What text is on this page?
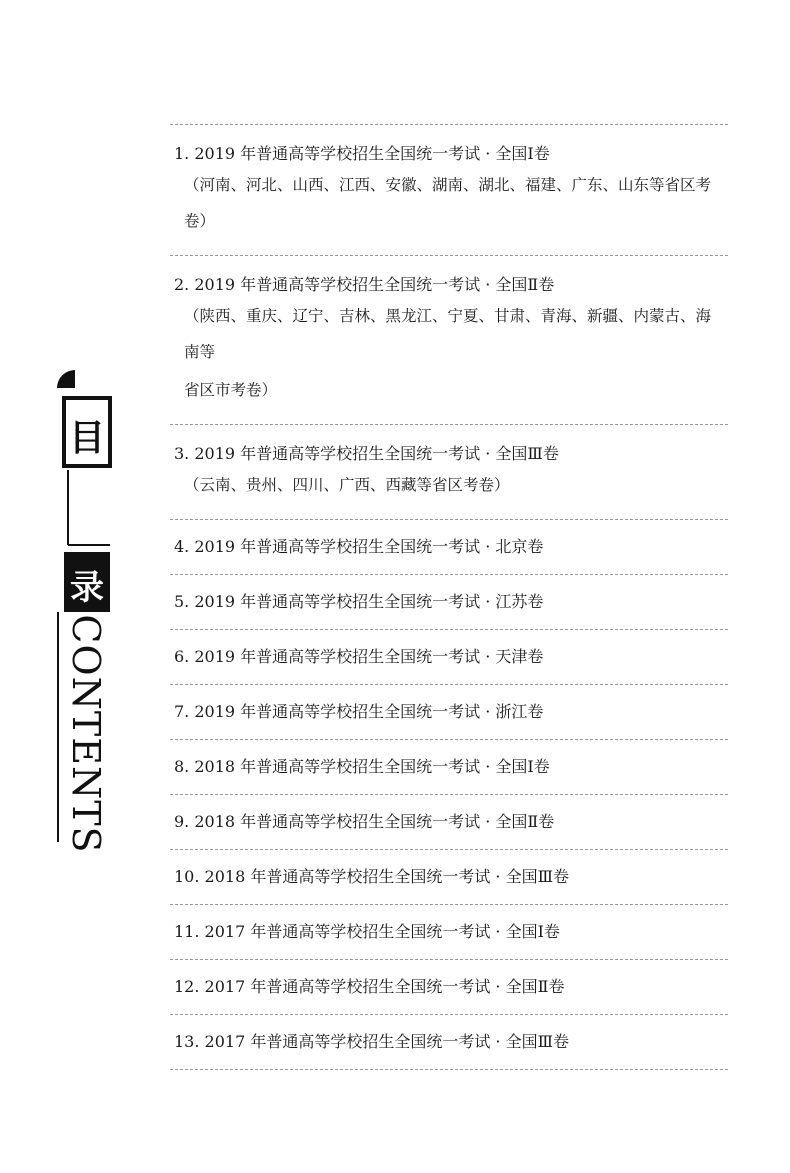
目
录
CONTENTS
1. 2019 年普通高等学校招生全国统一考试 · 全国Ⅰ卷
（河南、河北、山西、江西、安徽、湖南、湖北、福建、广东、山东等省区考卷）
2. 2019 年普通高等学校招生全国统一考试 · 全国Ⅱ卷
（陕西、重庆、辽宁、吉林、黑龙江、宁夏、甘肃、青海、新疆、内蒙古、海南等
省区市考卷）
3. 2019 年普通高等学校招生全国统一考试 · 全国Ⅲ卷
（云南、贵州、四川、广西、西藏等省区考卷）
4. 2019 年普通高等学校招生全国统一考试 · 北京卷
5. 2019 年普通高等学校招生全国统一考试 · 江苏卷
6. 2019 年普通高等学校招生全国统一考试 · 天津卷
7. 2019 年普通高等学校招生全国统一考试 · 浙江卷
8. 2018 年普通高等学校招生全国统一考试 · 全国Ⅰ卷
9. 2018 年普通高等学校招生全国统一考试 · 全国Ⅱ卷
10. 2018 年普通高等学校招生全国统一考试 · 全国Ⅲ卷
11. 2017 年普通高等学校招生全国统一考试 · 全国Ⅰ卷
12. 2017 年普通高等学校招生全国统一考试 · 全国Ⅱ卷
13. 2017 年普通高等学校招生全国统一考试 · 全国Ⅲ卷
